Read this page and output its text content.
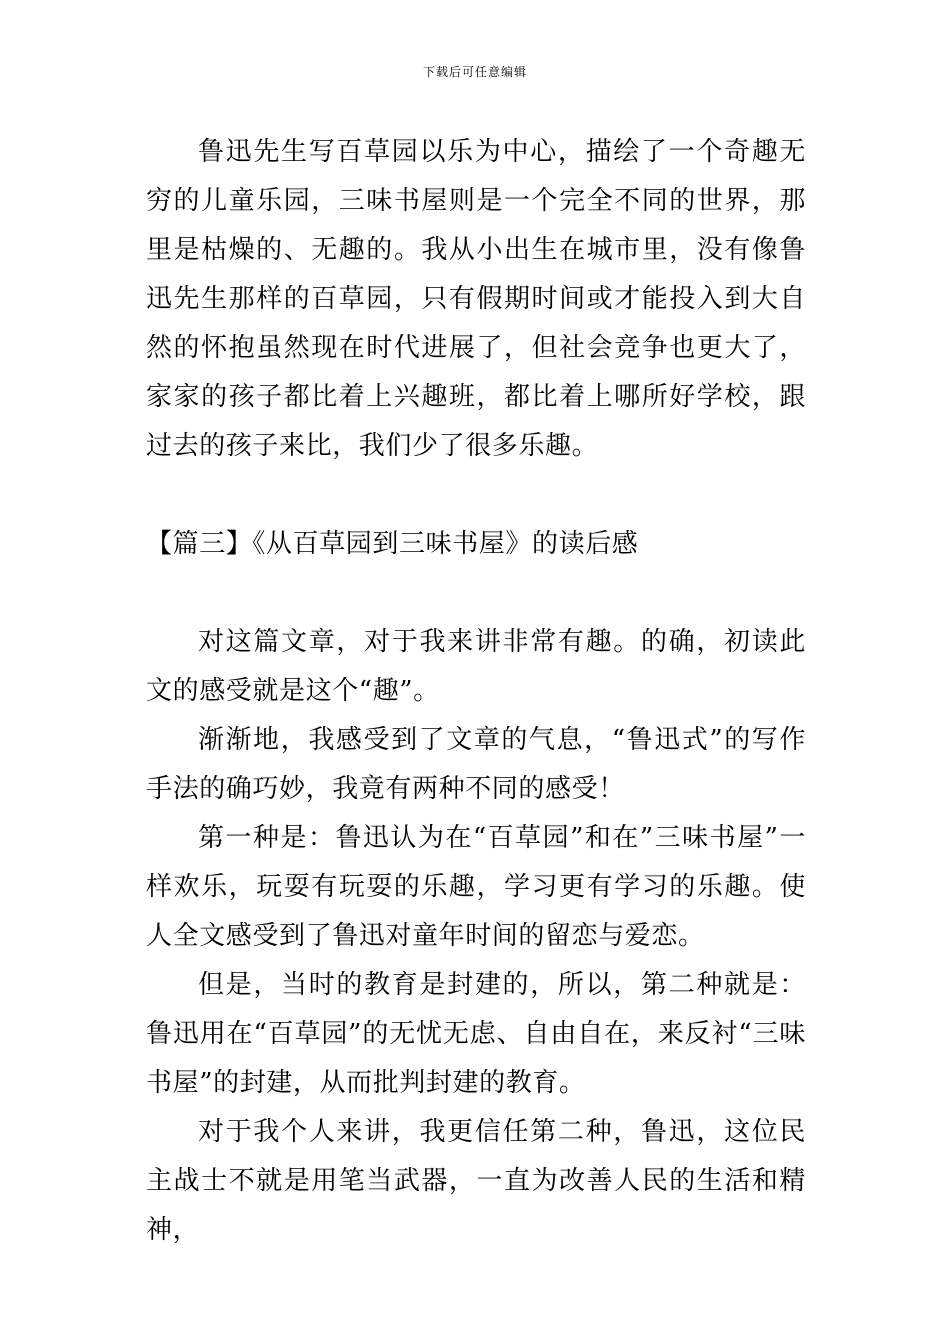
下载后可任意编辑

鲁迅先生写百草园以乐为中心，描绘了一个奇趣无穷的儿童乐园，三味书屋则是一个完全不同的世界，那里是枯燥的、无趣的。我从小出生在城市里，没有像鲁迅先生那样的百草园，只有假期时间或才能投入到大自然的怀抱虽然现在时代进展了，但社会竞争也更大了，家家的孩子都比着上兴趣班，都比着上哪所好学校，跟过去的孩子来比，我们少了很多乐趣。

【篇三】《从百草园到三味书屋》的读后感

对这篇文章，对于我来讲非常有趣。的确，初读此文的感受就是这个“趣”。

渐渐地，我感受到了文章的气息，“鲁迅式”的写作手法的确巧妙，我竟有两种不同的感受！

第一种是：鲁迅认为在“百草园”和在”三味书屋”一样欢乐，玩耍有玩耍的乐趣，学习更有学习的乐趣。使人全文感受到了鲁迅对童年时间的留恋与爱恋。

但是，当时的教育是封建的，所以，第二种就是：鲁迅用在“百草园”的无忧无虑、自由自在，来反衬“三味书屋”的封建，从而批判封建的教育。

对于我个人来讲，我更信任第二种，鲁迅，这位民主战士不就是用笔当武器，一直为改善人民的生活和精神，
